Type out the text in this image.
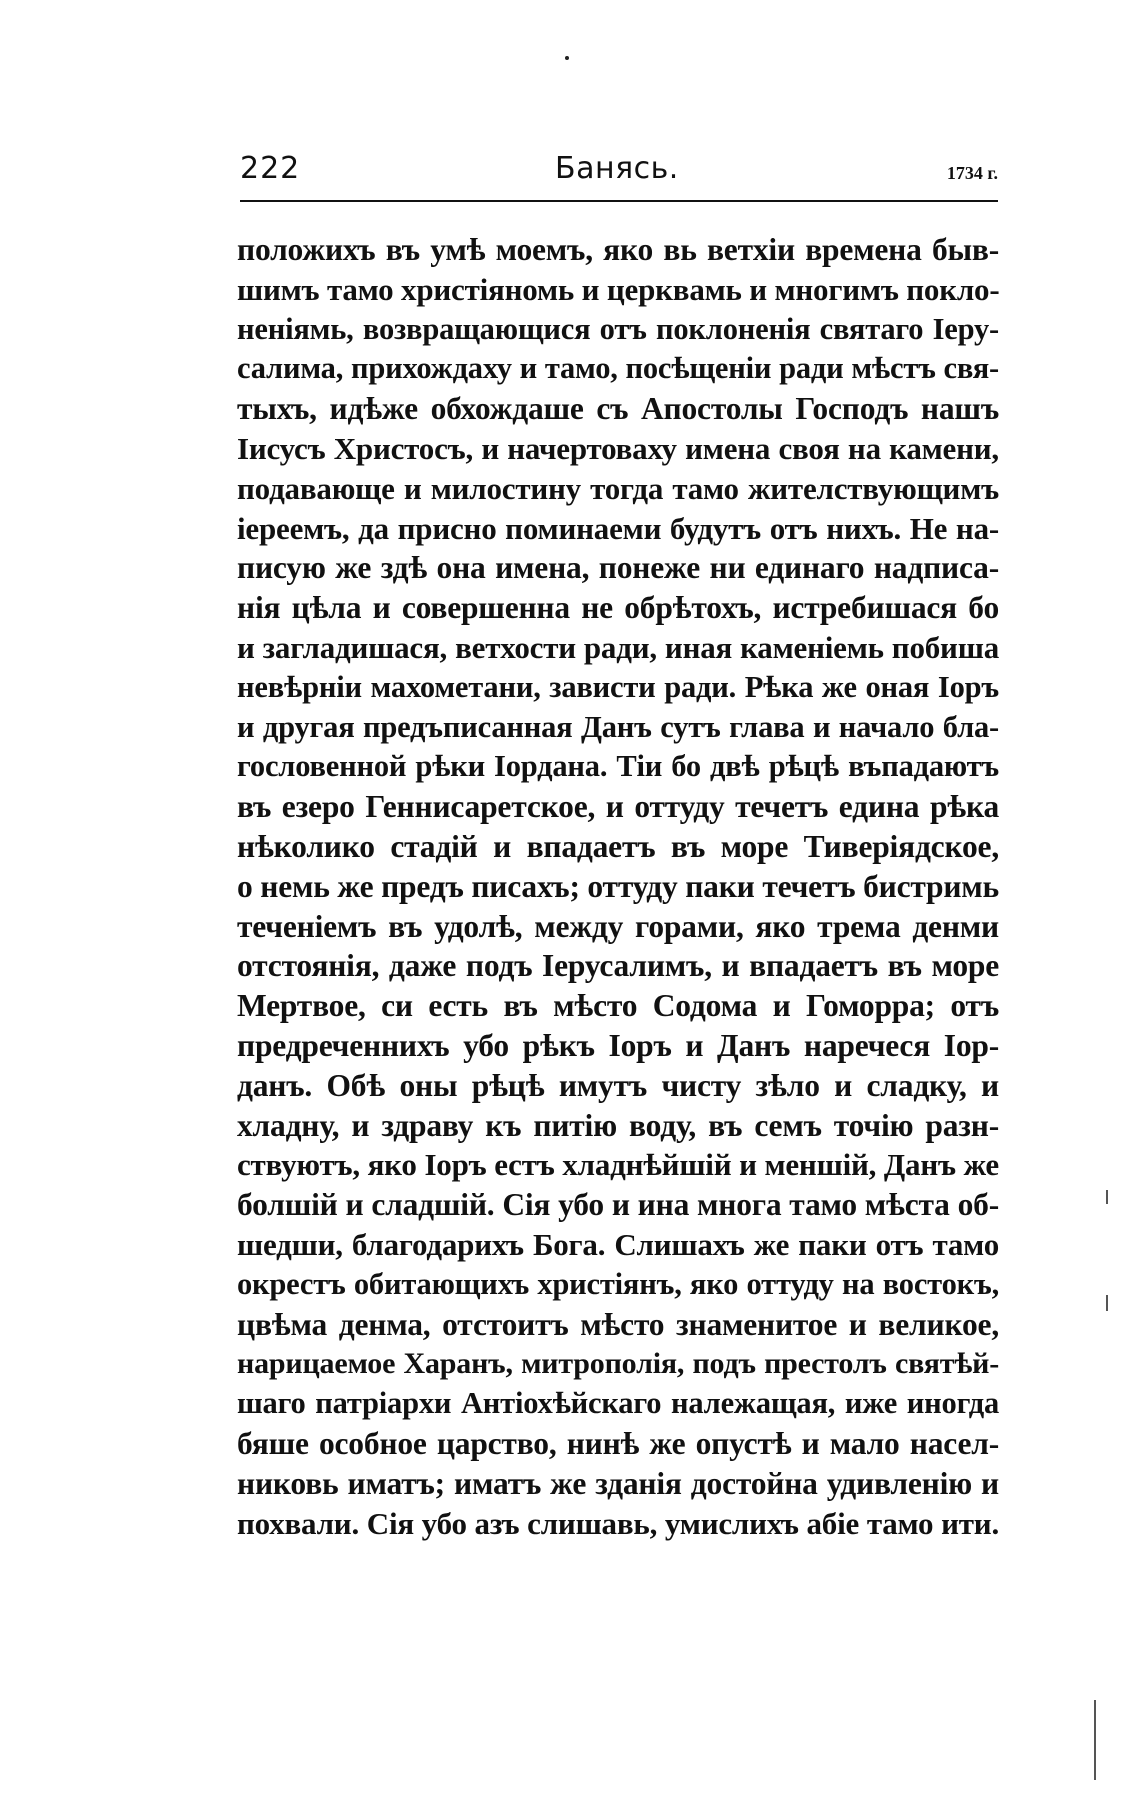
222	Банясь.	1734 г.
положихъ въ умѣ моемъ, яко вь ветхіи времена быв-
шимъ тамо христіяномь и церквамь и многимъ покло-
неніямь, возвращающися отъ поклоненія святаго Іеру-
салима, прихождаху и тамо, посѣщеніи ради мѣстъ свя-
тыхъ, идѣже обхождаше съ Апостолы Господъ нашъ
Іисусъ Христосъ, и начертоваху имена своя на камени,
подавающе и милостину тогда тамо жителствующимъ
іереемъ, да присно поминаеми будутъ отъ нихъ. Не на-
писую же здѣ она имена, понеже ни единаго надписа-
нія цѣла и совершенна не обрѣтохъ, истребишася бо
и загладишася, ветхости ради, иная каменіемь побиша
невѣрніи махометани, зависти ради. Рѣка же оная Іоръ
и другая предъписанная Данъ сутъ глава и начало бла-
гословенной рѣки Іордана. Тіи бо двѣ рѣцѣ въпадаютъ
въ езеро Геннисаретское, и оттуду течетъ едина рѣка
нѣколико стадій и впадаетъ въ море Тиверіядское,
о немь же предъ писахъ; оттуду паки течетъ бистримь
теченіемъ въ удолѣ, между горами, яко трема денми
отстоянія, даже подъ Іерусалимъ, и впадаетъ въ море
Мертвое, си есть въ мѣсто Содома и Гоморра; отъ
предреченнихъ убо рѣкъ Іоръ и Данъ наречеся Іор-
данъ. Обѣ оны рѣцѣ имутъ чисту зѣло и сладку, и
хладну, и здраву къ питію воду, въ семъ точію разн-
ствуютъ, яко Іоръ естъ хладнѣйшій и меншій, Данъ же
болшій и сладшій. Сія убо и ина многа тамо мѣста об-
шедши, благодарихъ Бога. Слишахъ же паки отъ тамо
окрестъ обитающихъ христіянъ, яко оттуду на востокъ,
цвѣма денма, отстоитъ мѣсто знаменитое и великое,
нарицаемое Харанъ, митрополія, подъ престолъ святѣй-
шаго патріархи Антіохѣйскаго належащая, иже иногда
бяше особное царство, нинѣ же опустѣ и мало насел-
никовь иматъ; иматъ же зданія достойна удивленію и
похвали. Сія убо азъ слишавь, умислихъ абіе тамо ити.
